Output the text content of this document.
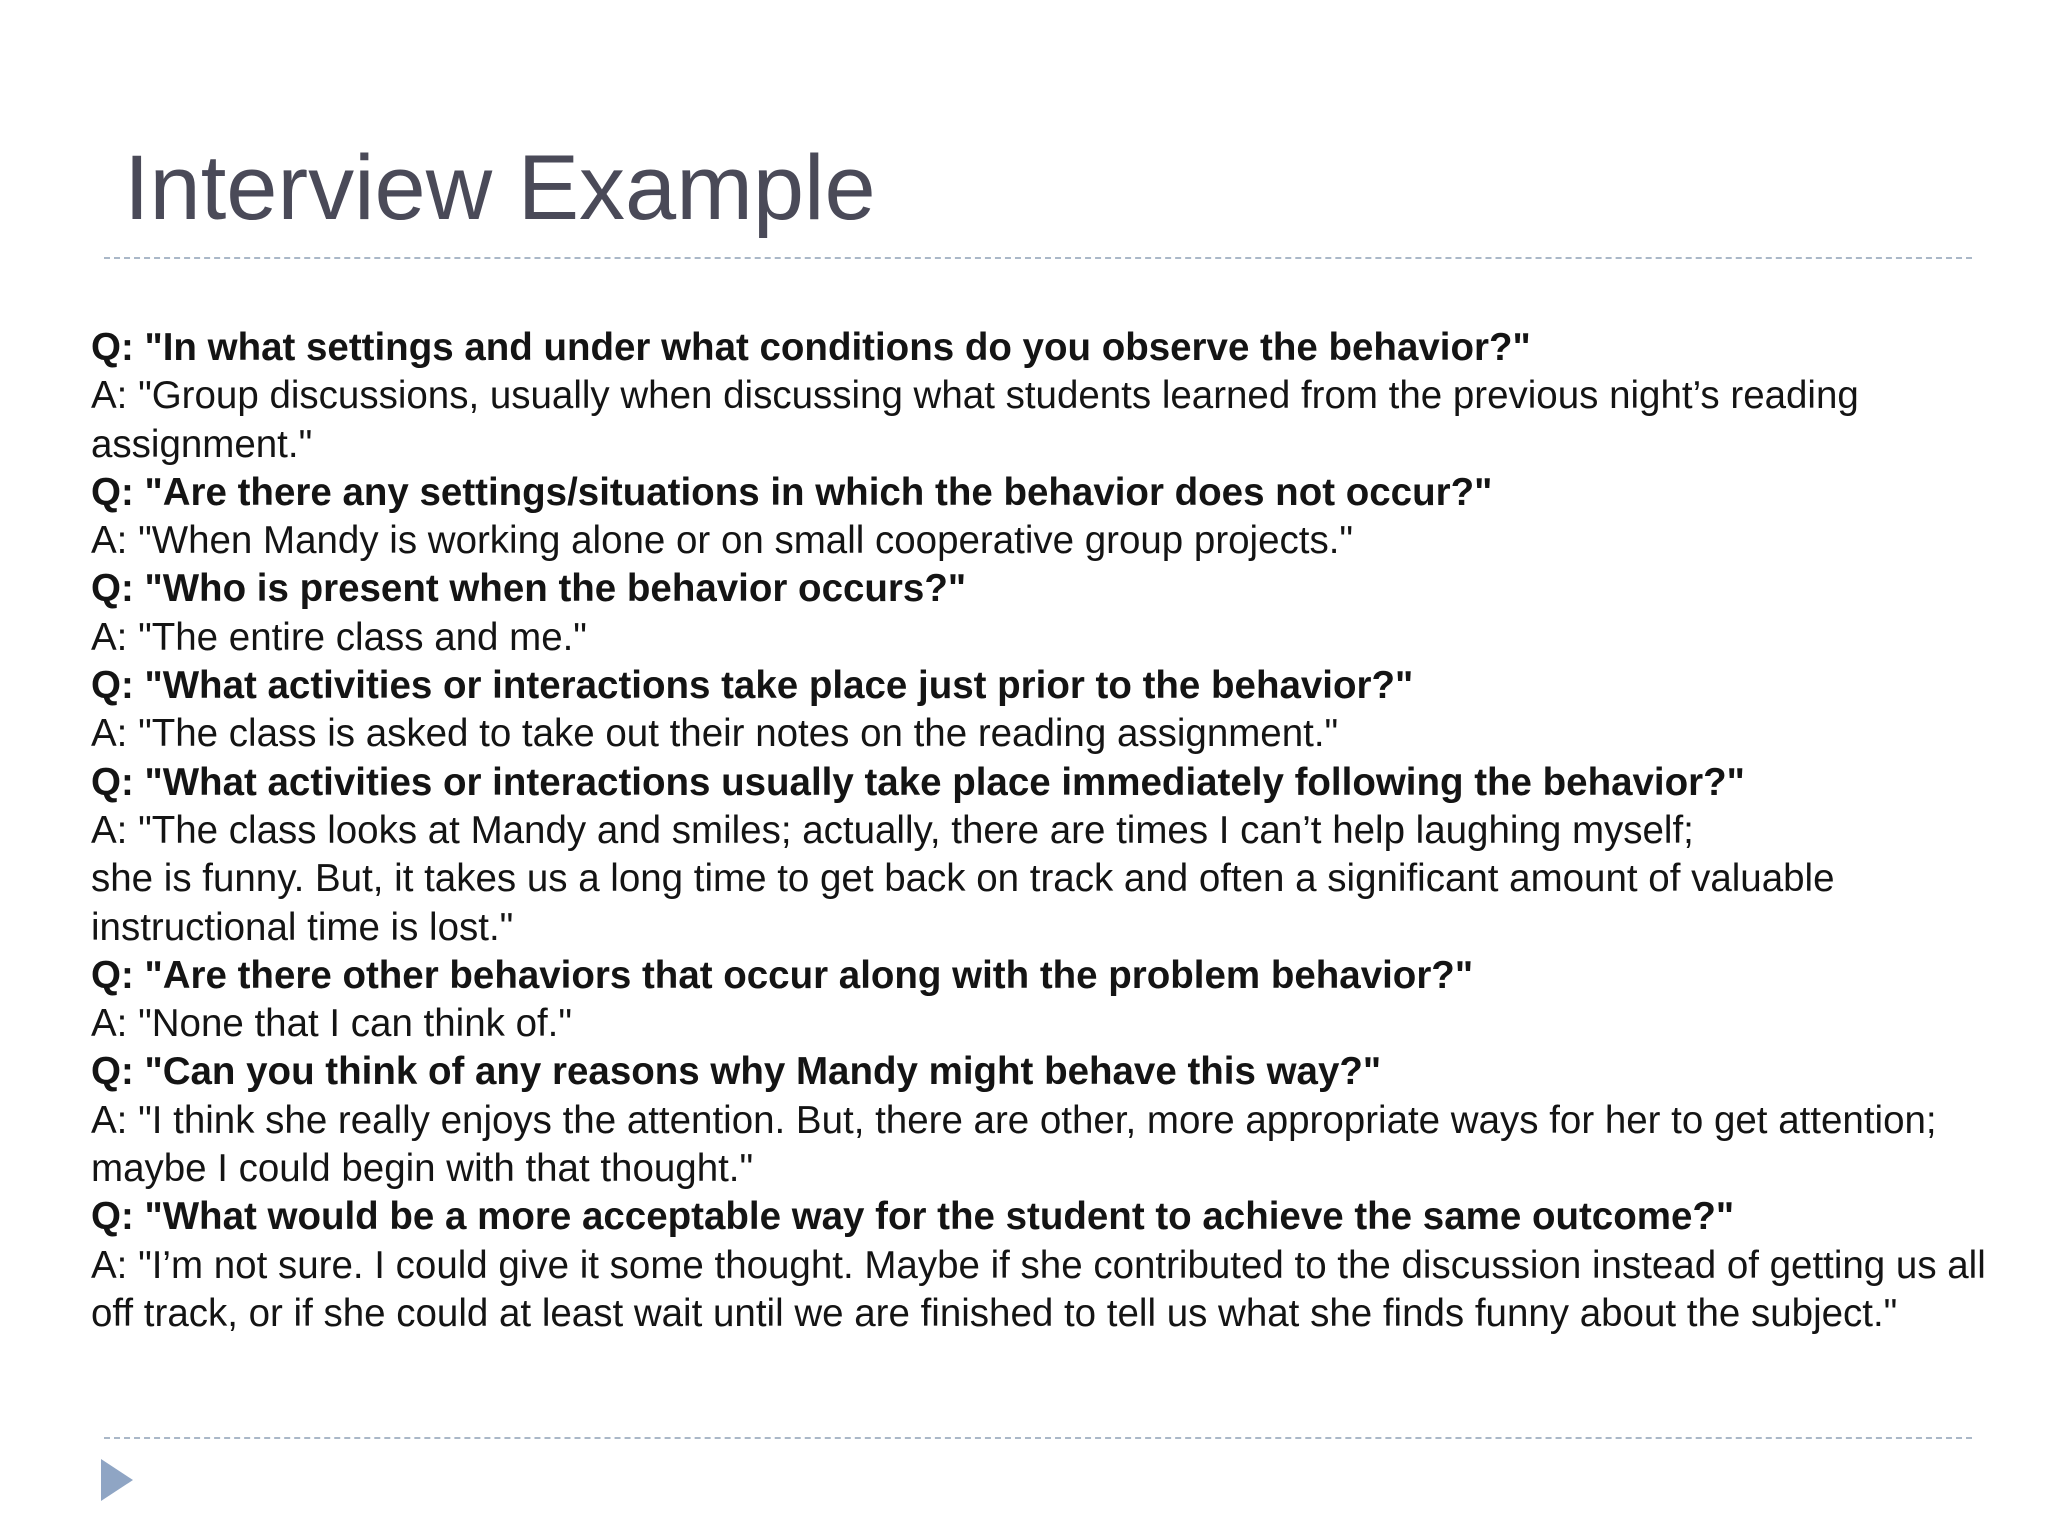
Interview Example

Q: "In what settings and under what conditions do you observe the behavior?"

A: "Group discussions, usually when discussing what students learned from the previous night’s reading assignment."

Q: "Are there any settings/situations in which the behavior does not occur?"

A: "When Mandy is working alone or on small cooperative group projects."

Q: "Who is present when the behavior occurs?"

A: "The entire class and me."

Q: "What activities or interactions take place just prior to the behavior?"

A: "The class is asked to take out their notes on the reading assignment."

Q: "What activities or interactions usually take place immediately following the behavior?"

A: "The class looks at Mandy and smiles; actually, there are times I can’t help laughing myself;

she is funny. But, it takes us a long time to get back on track and often a significant amount of valuable instructional time is lost."

Q: "Are there other behaviors that occur along with the problem behavior?"

A: "None that I can think of."

Q: "Can you think of any reasons why Mandy might behave this way?"

A: "I think she really enjoys the attention. But, there are other, more appropriate ways for her to get attention; maybe I could begin with that thought."

Q: "What would be a more acceptable way for the student to achieve the same outcome?"

A: "I’m not sure. I could give it some thought. Maybe if she contributed to the discussion instead of getting us all off track, or if she could at least wait until we are finished to tell us what she finds funny about the subject."
